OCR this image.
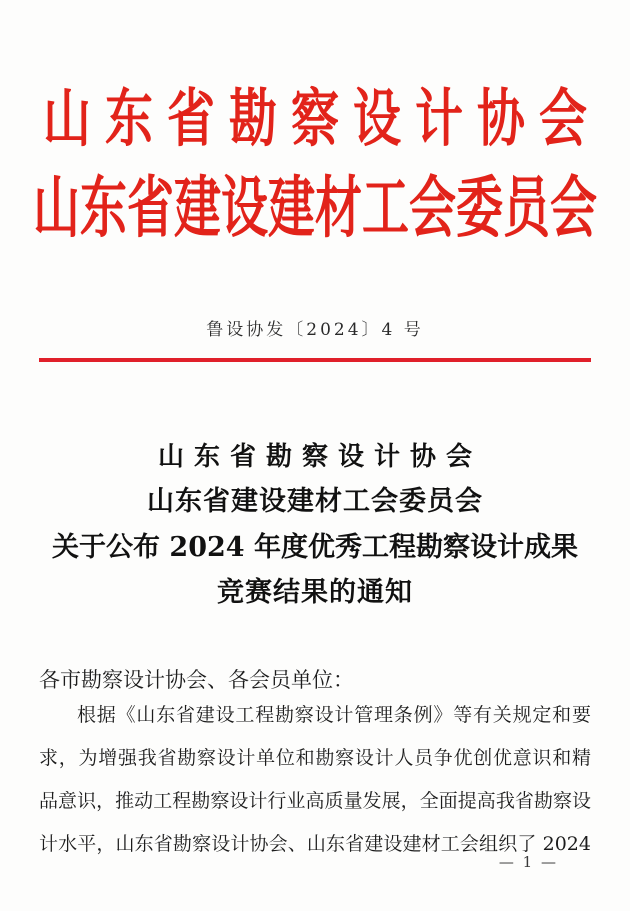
山东省勘察设计协会
山东省建设建材工会委员会
鲁设协发〔2024〕4 号
山东省勘察设计协会
山东省建设建材工会委员会
关于公布 2024 年度优秀工程勘察设计成果
竞赛结果的通知
各市勘察设计协会、各会员单位：
根据《山东省建设工程勘察设计管理条例》等有关规定和要
求，为增强我省勘察设计单位和勘察设计人员争优创优意识和精
品意识，推动工程勘察设计行业高质量发展，全面提高我省勘察设
计水平，山东省勘察设计协会、山东省建设建材工会组织了 2024
— 1 —
